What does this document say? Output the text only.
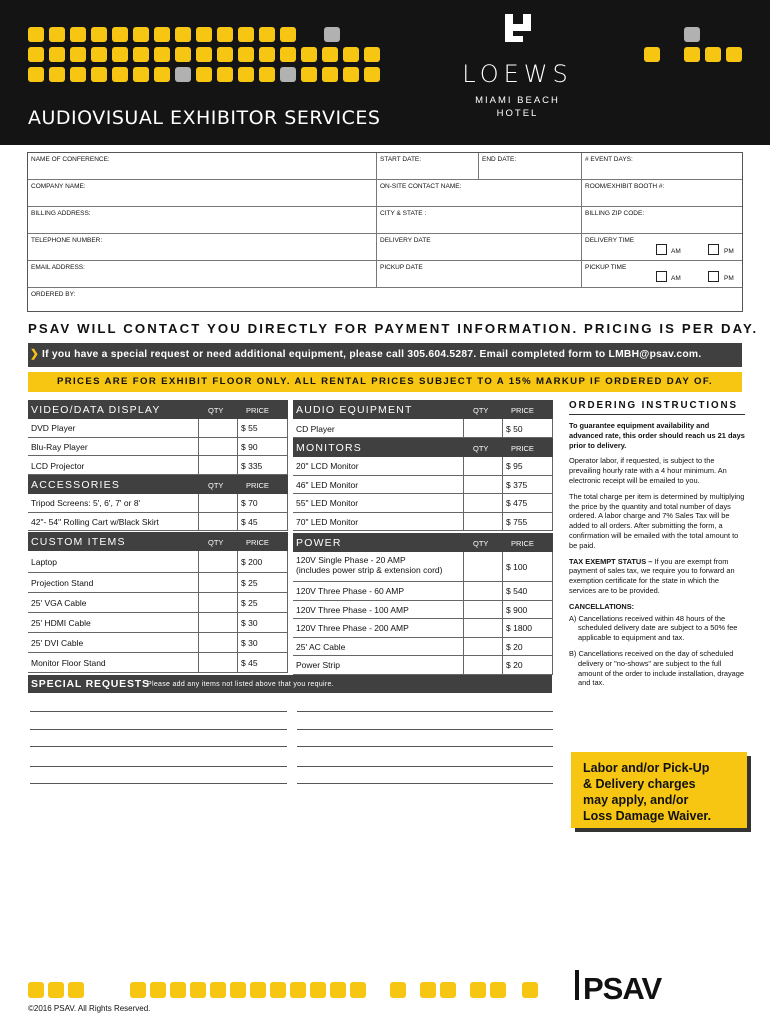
LOEWS
MIAMI BEACH
HOTEL
AUDIOVISUAL EXHIBITOR SERVICES
NAME OF CONFERENCE:	START DATE:	END DATE:	# EVENT DAYS:
COMPANY NAME:	ON-SITE CONTACT NAME:	ROOM/EXHIBIT BOOTH #:
BILLING ADDRESS:	CITY & STATE :	BILLING ZIP CODE:
TELEPHONE NUMBER:	DELIVERY DATE	DELIVERY TIME
AM	PM
EMAIL ADDRESS:	PICKUP DATE	PICKUP TIME
AM	PM
ORDERED BY:
PSAV WILL CONTACT YOU DIRECTLY FOR PAYMENT INFORMATION. PRICING IS PER DAY.
❯ If you have a special request or need additional equipment, please call 305.604.5287. Email completed form to LMBH@psav.com.
PRICES ARE FOR EXHIBIT FLOOR ONLY. ALL RENTAL PRICES SUBJECT TO A 15% MARKUP IF ORDERED DAY OF.
VIDEO/DATA DISPLAY	QTY	PRICE
DVD Player	$ 55
Blu-Ray Player	$ 90
LCD Projector	$ 335
ACCESSORIES	QTY	PRICE
Tripod Screens: 5', 6', 7' or 8'	$ 70
42"- 54" Rolling Cart w/Black Skirt	$ 45
CUSTOM ITEMS	QTY	PRICE
Laptop	$ 200
Projection Stand	$ 25
25' VGA Cable	$ 25
25' HDMI Cable	$ 30
25' DVI Cable	$ 30
Monitor Floor Stand	$ 45
AUDIO EQUIPMENT	QTY	PRICE
CD Player	$ 50
MONITORS	QTY	PRICE
20" LCD Monitor	$ 95
46" LED Monitor	$ 375
55" LED Monitor	$ 475
70" LED Monitor	$ 755
POWER	QTY	PRICE
120V Single Phase - 20 AMP
(includes power strip & extension cord)	$ 100
120V Three Phase - 60 AMP	$ 540
120V Three Phase - 100 AMP	$ 900
120V Three Phase - 200 AMP	$ 1800
25' AC Cable	$ 20
Power Strip	$ 20
SPECIAL REQUESTS
Please add any items not listed above that you require.
ORDERING INSTRUCTIONS

To guarantee equipment availability and advanced rate, this order should reach us 21 days prior to delivery.

Operator labor, if requested, is subject to the prevailing hourly rate with a 4 hour minimum. An electronic receipt will be emailed to you.

The total charge per item is determined by multiplying the price by the quantity and total number of days ordered. A labor charge and 7% Sales Tax will be added to all orders. After submitting the form, a confirmation will be emailed with the total amount to be paid.

TAX EXEMPT STATUS – If you are exempt from payment of sales tax, we require you to forward an exemption certificate for the state in which the services are to be provided.

CANCELLATIONS:

A) Cancellations received within 48 hours of the scheduled delivery date are subject to a 50% fee applicable to equipment and tax.

B) Cancellations received on the day of scheduled delivery or "no-shows" are subject to the full amount of the order to include installation, drayage and tax.

Labor and/or Pick-Up
& Delivery charges
may apply, and/or
Loss Damage Waiver.
PSAV
©2016 PSAV. All Rights Reserved.
